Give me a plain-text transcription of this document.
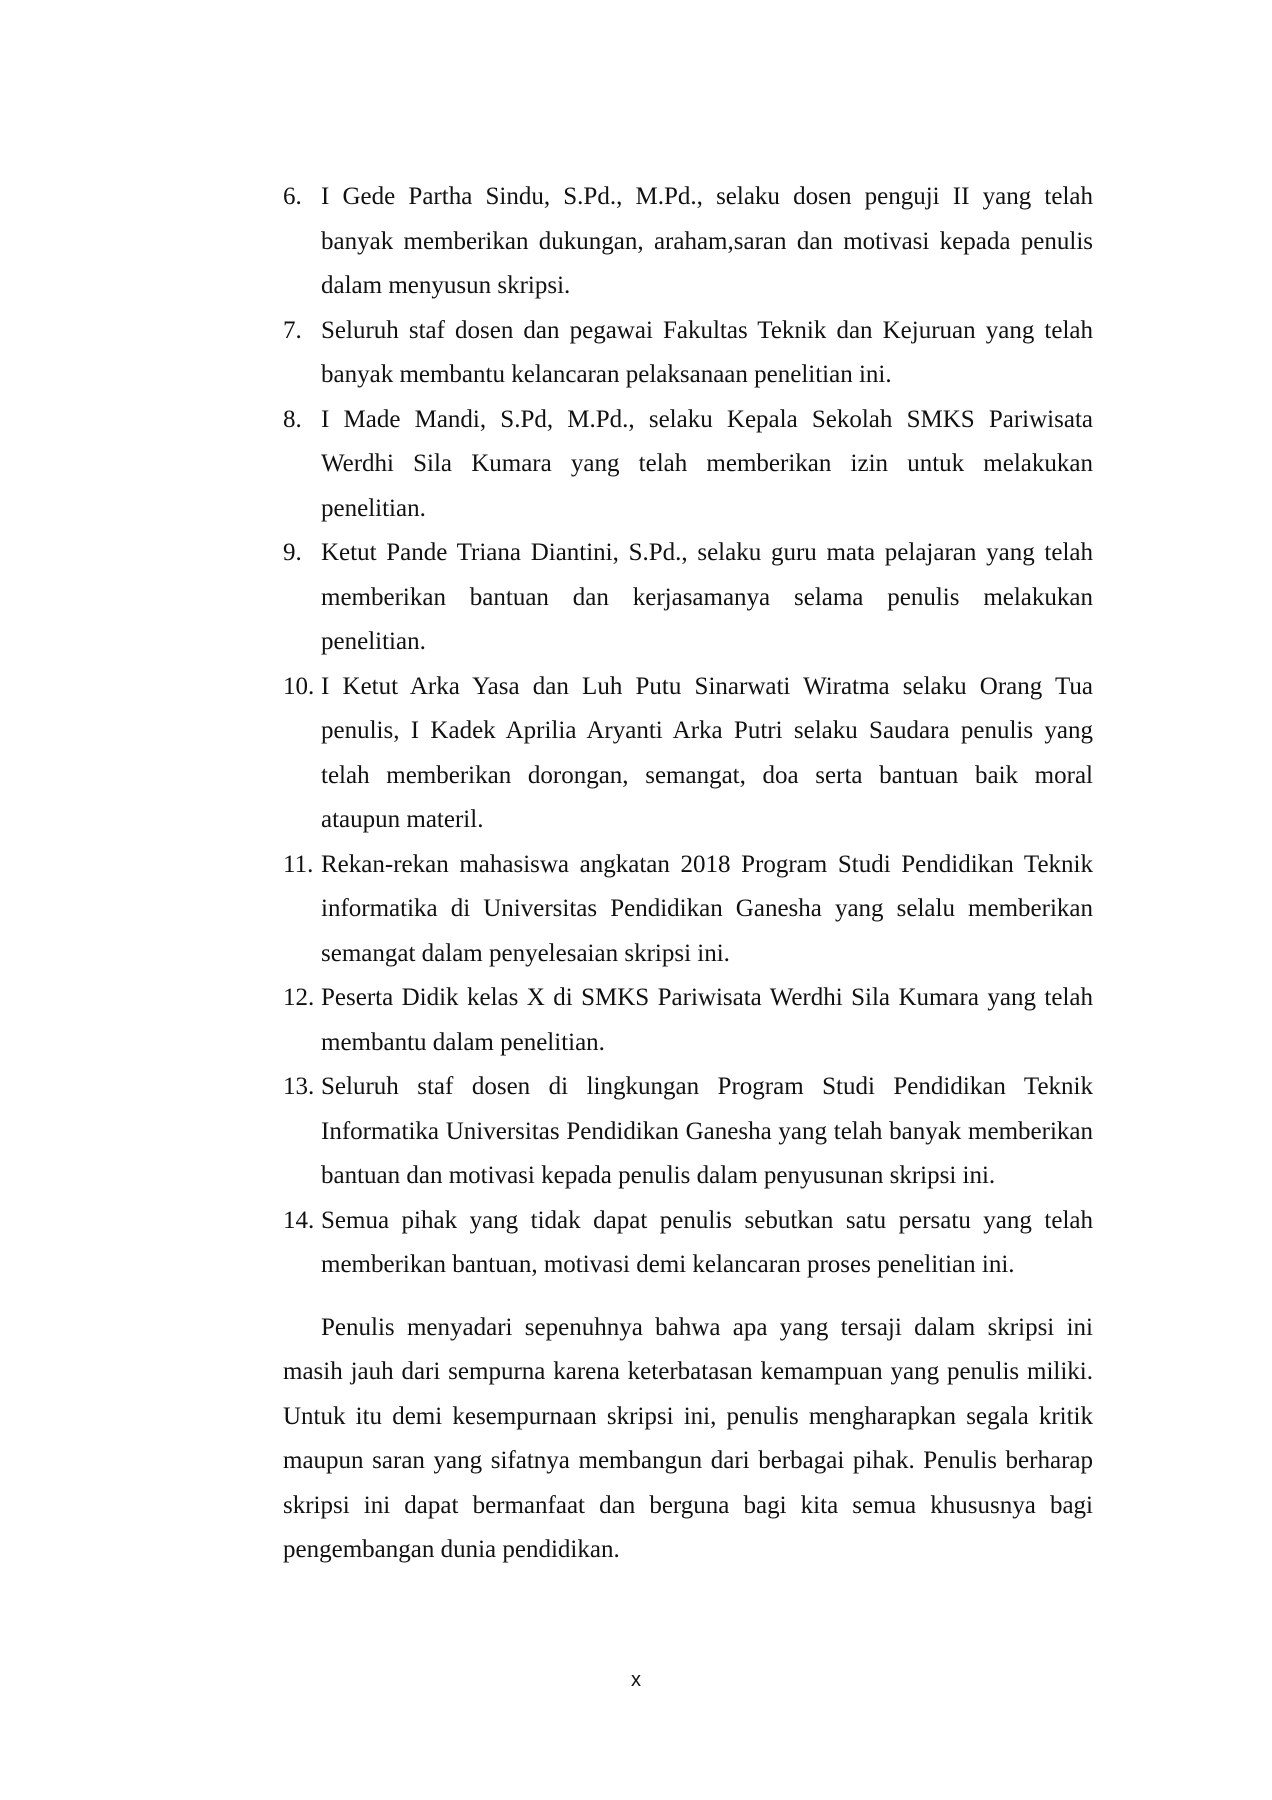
6. I Gede Partha Sindu, S.Pd., M.Pd., selaku dosen penguji II yang telah banyak memberikan dukungan, araham,saran dan motivasi kepada penulis dalam menyusun skripsi.
7. Seluruh staf dosen dan pegawai Fakultas Teknik dan Kejuruan yang telah banyak membantu kelancaran pelaksanaan penelitian ini.
8. I Made Mandi, S.Pd, M.Pd., selaku Kepala Sekolah SMKS Pariwisata Werdhi Sila Kumara yang telah memberikan izin untuk melakukan penelitian.
9. Ketut Pande Triana Diantini, S.Pd., selaku guru mata pelajaran yang telah memberikan bantuan dan kerjasamanya selama penulis melakukan penelitian.
10. I Ketut Arka Yasa dan Luh Putu Sinarwati Wiratma selaku Orang Tua penulis, I Kadek Aprilia Aryanti Arka Putri selaku Saudara penulis yang telah memberikan dorongan, semangat, doa serta bantuan baik moral ataupun materil.
11. Rekan-rekan mahasiswa angkatan 2018 Program Studi Pendidikan Teknik informatika di Universitas Pendidikan Ganesha yang selalu memberikan semangat dalam penyelesaian skripsi ini.
12. Peserta Didik kelas X di SMKS Pariwisata Werdhi Sila Kumara yang telah membantu dalam penelitian.
13. Seluruh staf dosen di lingkungan Program Studi Pendidikan Teknik Informatika Universitas Pendidikan Ganesha yang telah banyak memberikan bantuan dan motivasi kepada penulis dalam penyusunan skripsi ini.
14. Semua pihak yang tidak dapat penulis sebutkan satu persatu yang telah memberikan bantuan, motivasi demi kelancaran proses penelitian ini.

Penulis menyadari sepenuhnya bahwa apa yang tersaji dalam skripsi ini masih jauh dari sempurna karena keterbatasan kemampuan yang penulis miliki. Untuk itu demi kesempurnaan skripsi ini, penulis mengharapkan segala kritik maupun saran yang sifatnya membangun dari berbagai pihak. Penulis berharap skripsi ini dapat bermanfaat dan berguna bagi kita semua khususnya bagi pengembangan dunia pendidikan.

x
